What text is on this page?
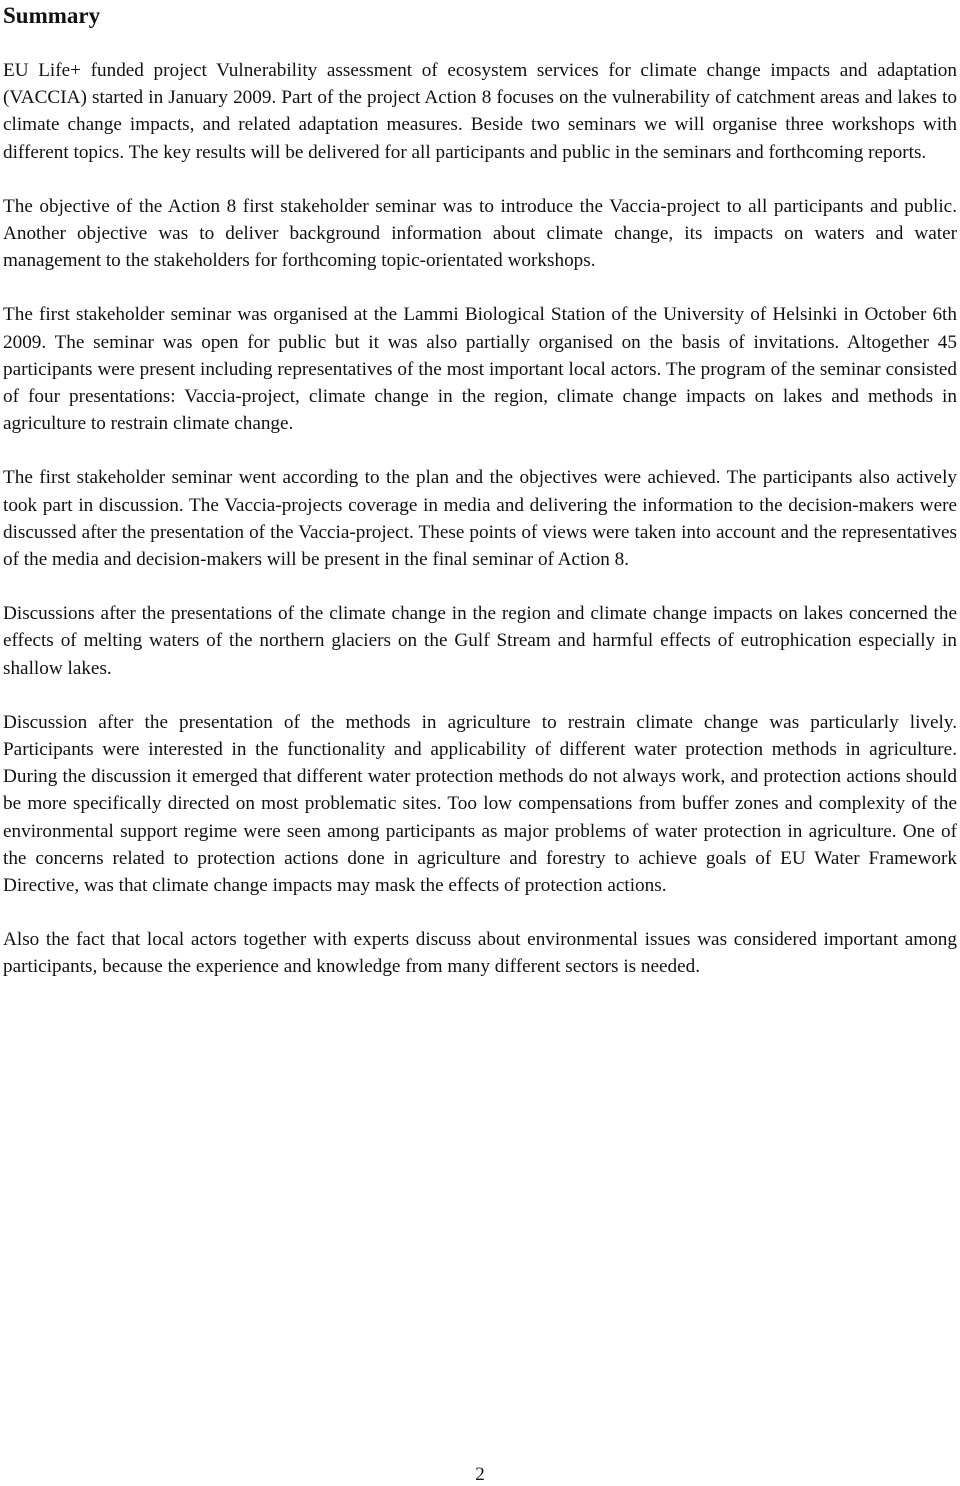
Summary

EU Life+ funded project Vulnerability assessment of ecosystem services for climate change impacts and adaptation (VACCIA) started in January 2009. Part of the project Action 8 focuses on the vulnerability of catchment areas and lakes to climate change impacts, and related adaptation measures. Beside two seminars we will organise three workshops with different topics. The key results will be delivered for all participants and public in the seminars and forthcoming reports.

The objective of the Action 8 first stakeholder seminar was to introduce the Vaccia-project to all participants and public. Another objective was to deliver background information about climate change, its impacts on waters and water management to the stakeholders for forthcoming topic-orientated workshops.

The first stakeholder seminar was organised at the Lammi Biological Station of the University of Helsinki in October 6th 2009. The seminar was open for public but it was also partially organised on the basis of invitations. Altogether 45 participants were present including representatives of the most important local actors. The program of the seminar consisted of four presentations: Vaccia-project, climate change in the region, climate change impacts on lakes and methods in agriculture to restrain climate change.

The first stakeholder seminar went according to the plan and the objectives were achieved. The participants also actively took part in discussion. The Vaccia-projects coverage in media and delivering the information to the decision-makers were discussed after the presentation of the Vaccia-project. These points of views were taken into account and the representatives of the media and decision-makers will be present in the final seminar of Action 8.

Discussions after the presentations of the climate change in the region and climate change impacts on lakes concerned the effects of melting waters of the northern glaciers on the Gulf Stream and harmful effects of eutrophication especially in shallow lakes.

Discussion after the presentation of the methods in agriculture to restrain climate change was particularly lively. Participants were interested in the functionality and applicability of different water protection methods in agriculture. During the discussion it emerged that different water protection methods do not always work, and protection actions should be more specifically directed on most problematic sites. Too low compensations from buffer zones and complexity of the environmental support regime were seen among participants as major problems of water protection in agriculture. One of the concerns related to protection actions done in agriculture and forestry to achieve goals of EU Water Framework Directive, was that climate change impacts may mask the effects of protection actions.

Also the fact that local actors together with experts discuss about environmental issues was considered important among participants, because the experience and knowledge from many different sectors is needed.

2
